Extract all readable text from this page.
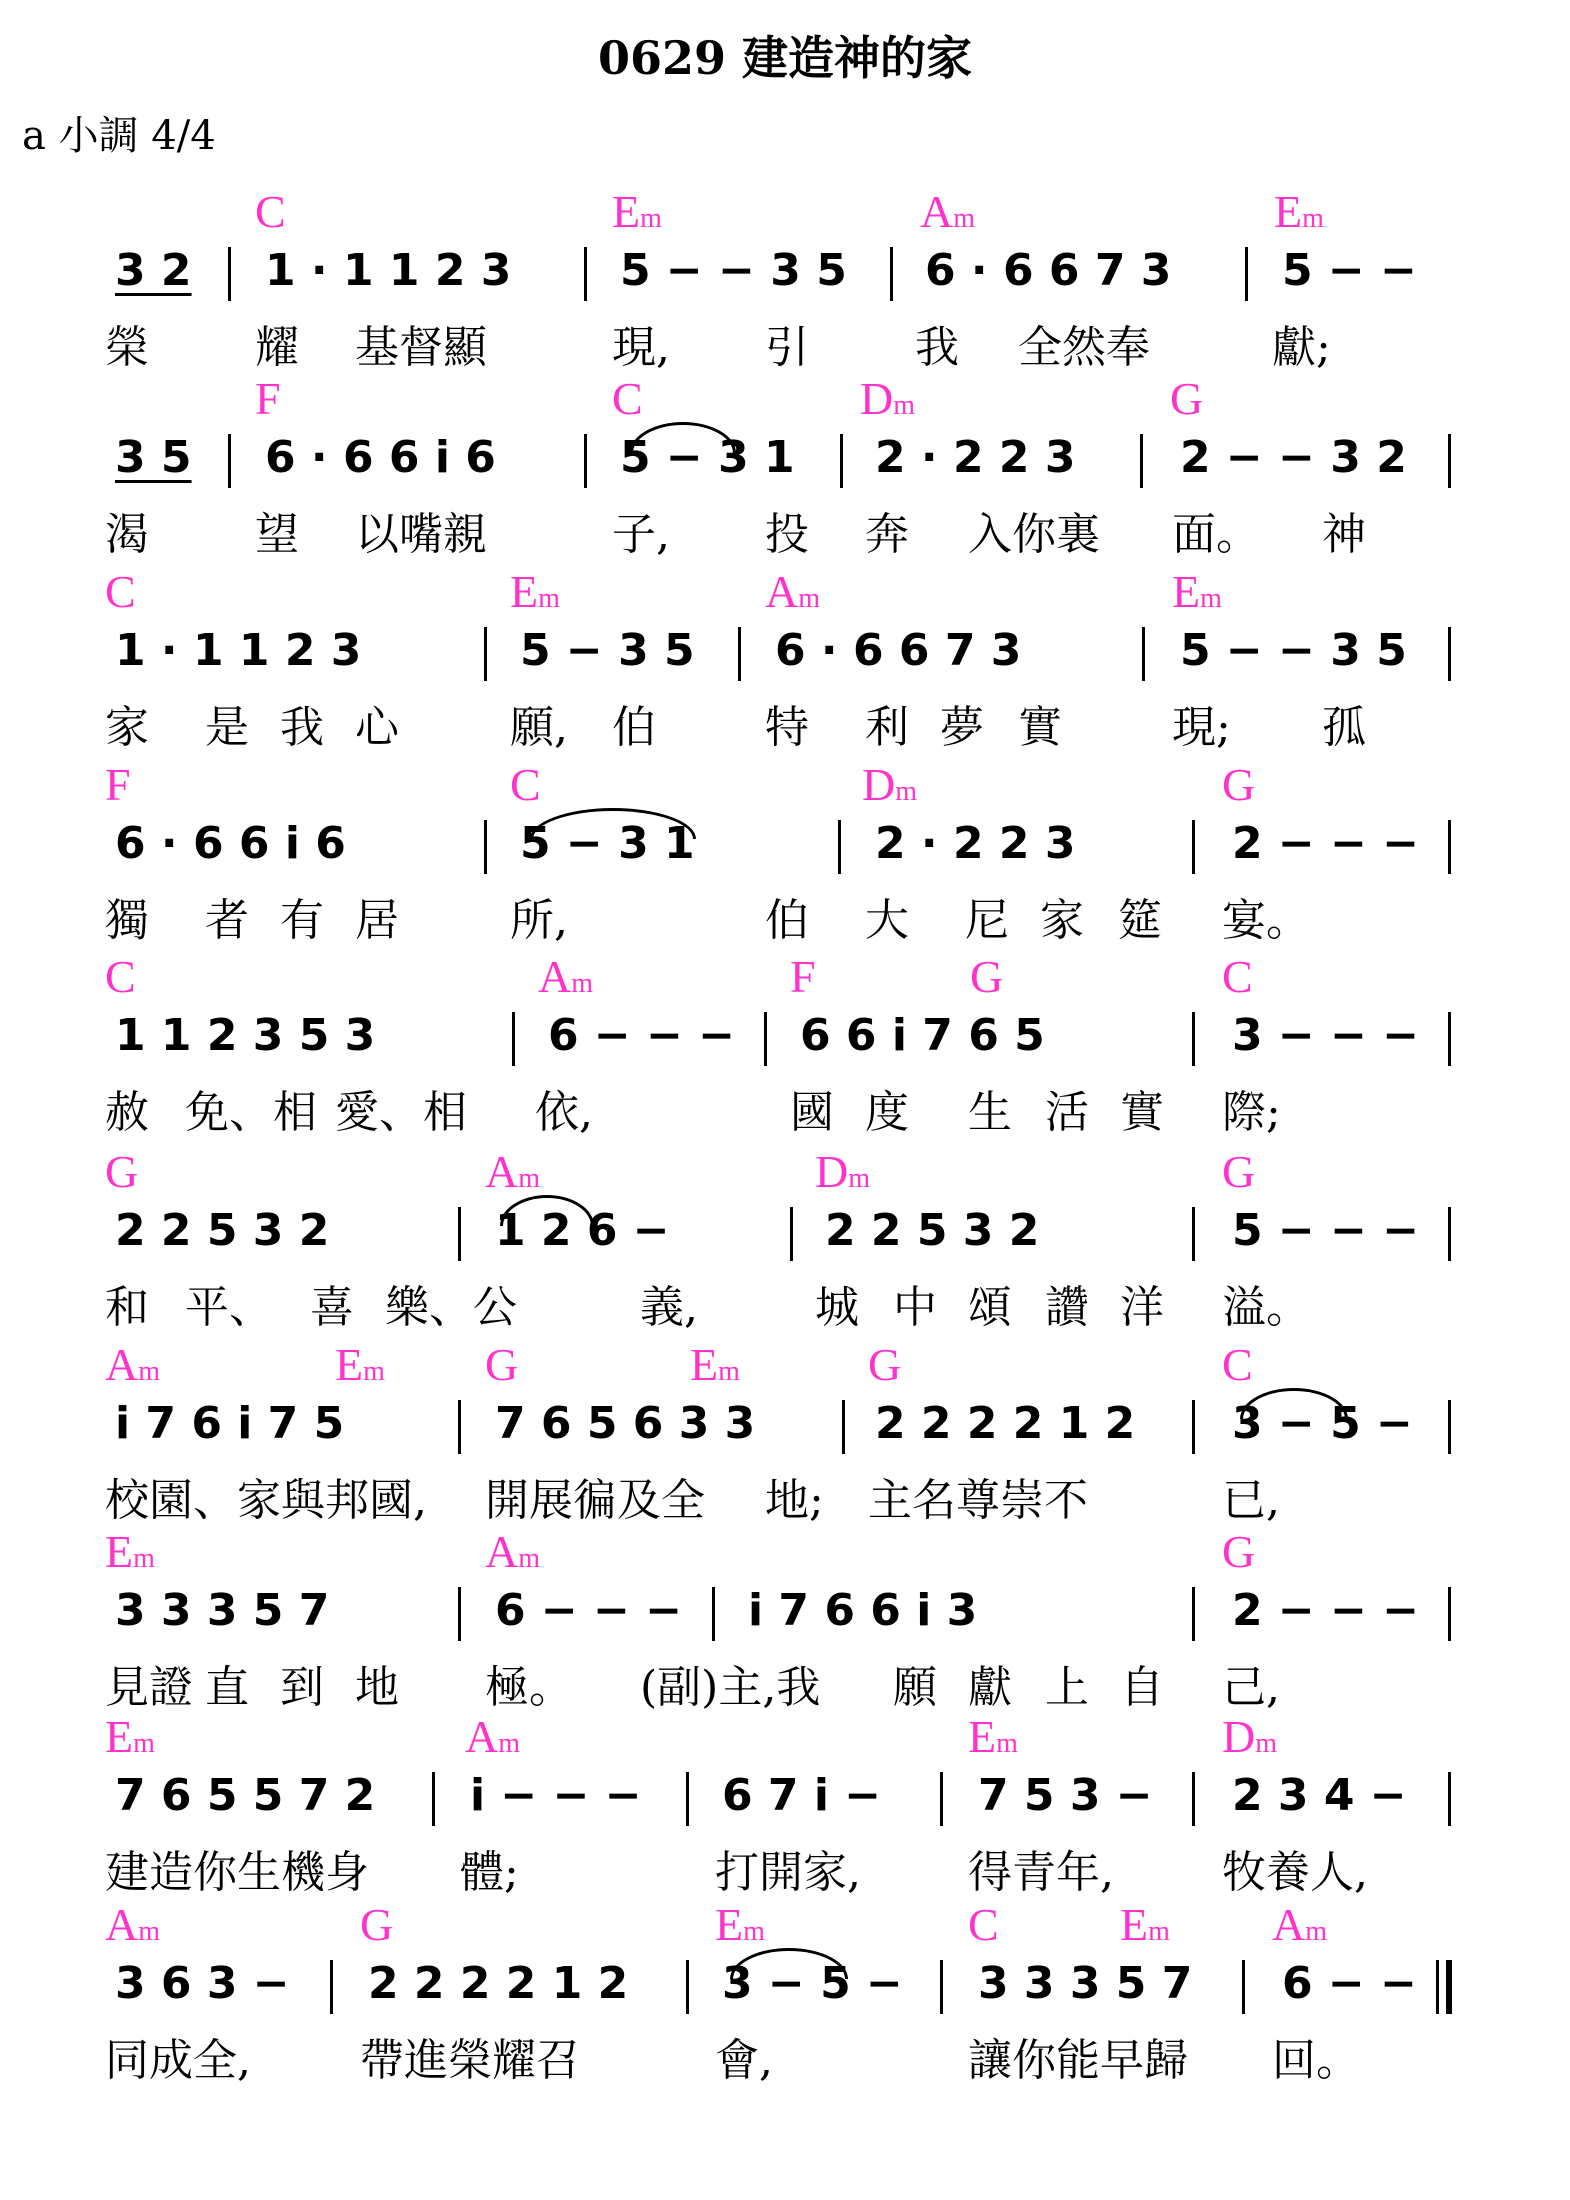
0629 建造神的家
a 小調 4/4
C	Em	Am	Em
3 2 1 · 1 1 2 3 5 − − 3 5 6 · 6 6 7 3	5 − −
榮 耀 基督顯	現, 引 我 全然奉	獻;
F	C	Dm	G
3 5 6 · 6 6 i 6	5 − 3 1 2 · 2 2 3 2 − − 3 2
渴 望 以嘴親	子, 投 奔 入你裏 面。 神
C	Em	Am	Em
1 · 1 1 2 3	5 − 3 5 6 · 6 6 7 3	5 − − 3 5
家 是 我 心	願, 伯 特 利 夢 實	現; 孤
F	C	Dm	G
6 · 6 6 i 6	5 − 3 1	2 · 2 2 3	2 − − −
獨 者 有 居	所,	伯 大 尼 家 筵 宴。
C	Am	F	G	C
1 1 2 3 5 3	6 − − − 6 6 i 7 6 5	3 − − −
赦 免、相 愛、相 依,	國 度 生 活 實 際;
G	Am	Dm	G
2 2 5 3 2	1 2 6 −	2 2 5 3 2	5 − − −
和 平、 喜 樂、公	義,	城 中 頌 讚 洋 溢。
Am	Em G	Em	G	C
i 7 6 i 7 5	7 6 5 6 3 3	2 2 2 2 1 2 3 − 5 −
校園、家與邦國, 開展徧及全 地; 主名尊崇不	已,
Em	Am	G
3 3 3 5 7	6 − − − i 7 6 6 i 3	2 − − −
見證 直 到 地 極。 (副)主,我 願 獻 上 自 己,
Em	Am	Em	Dm
7 6 5 5 7 2 i − − − 6 7 i − 7 5 3 − 2 3 4 −
建造你生機身 體;	打開家, 得青年, 牧養人,
Am	G	Em	C	Em Am
3 6 3 − 2 2 2 2 1 2 3 − 5 − 3 3 3 5 7 6 − −
同成全, 帶進榮耀召	會,	讓你能早歸 回。
